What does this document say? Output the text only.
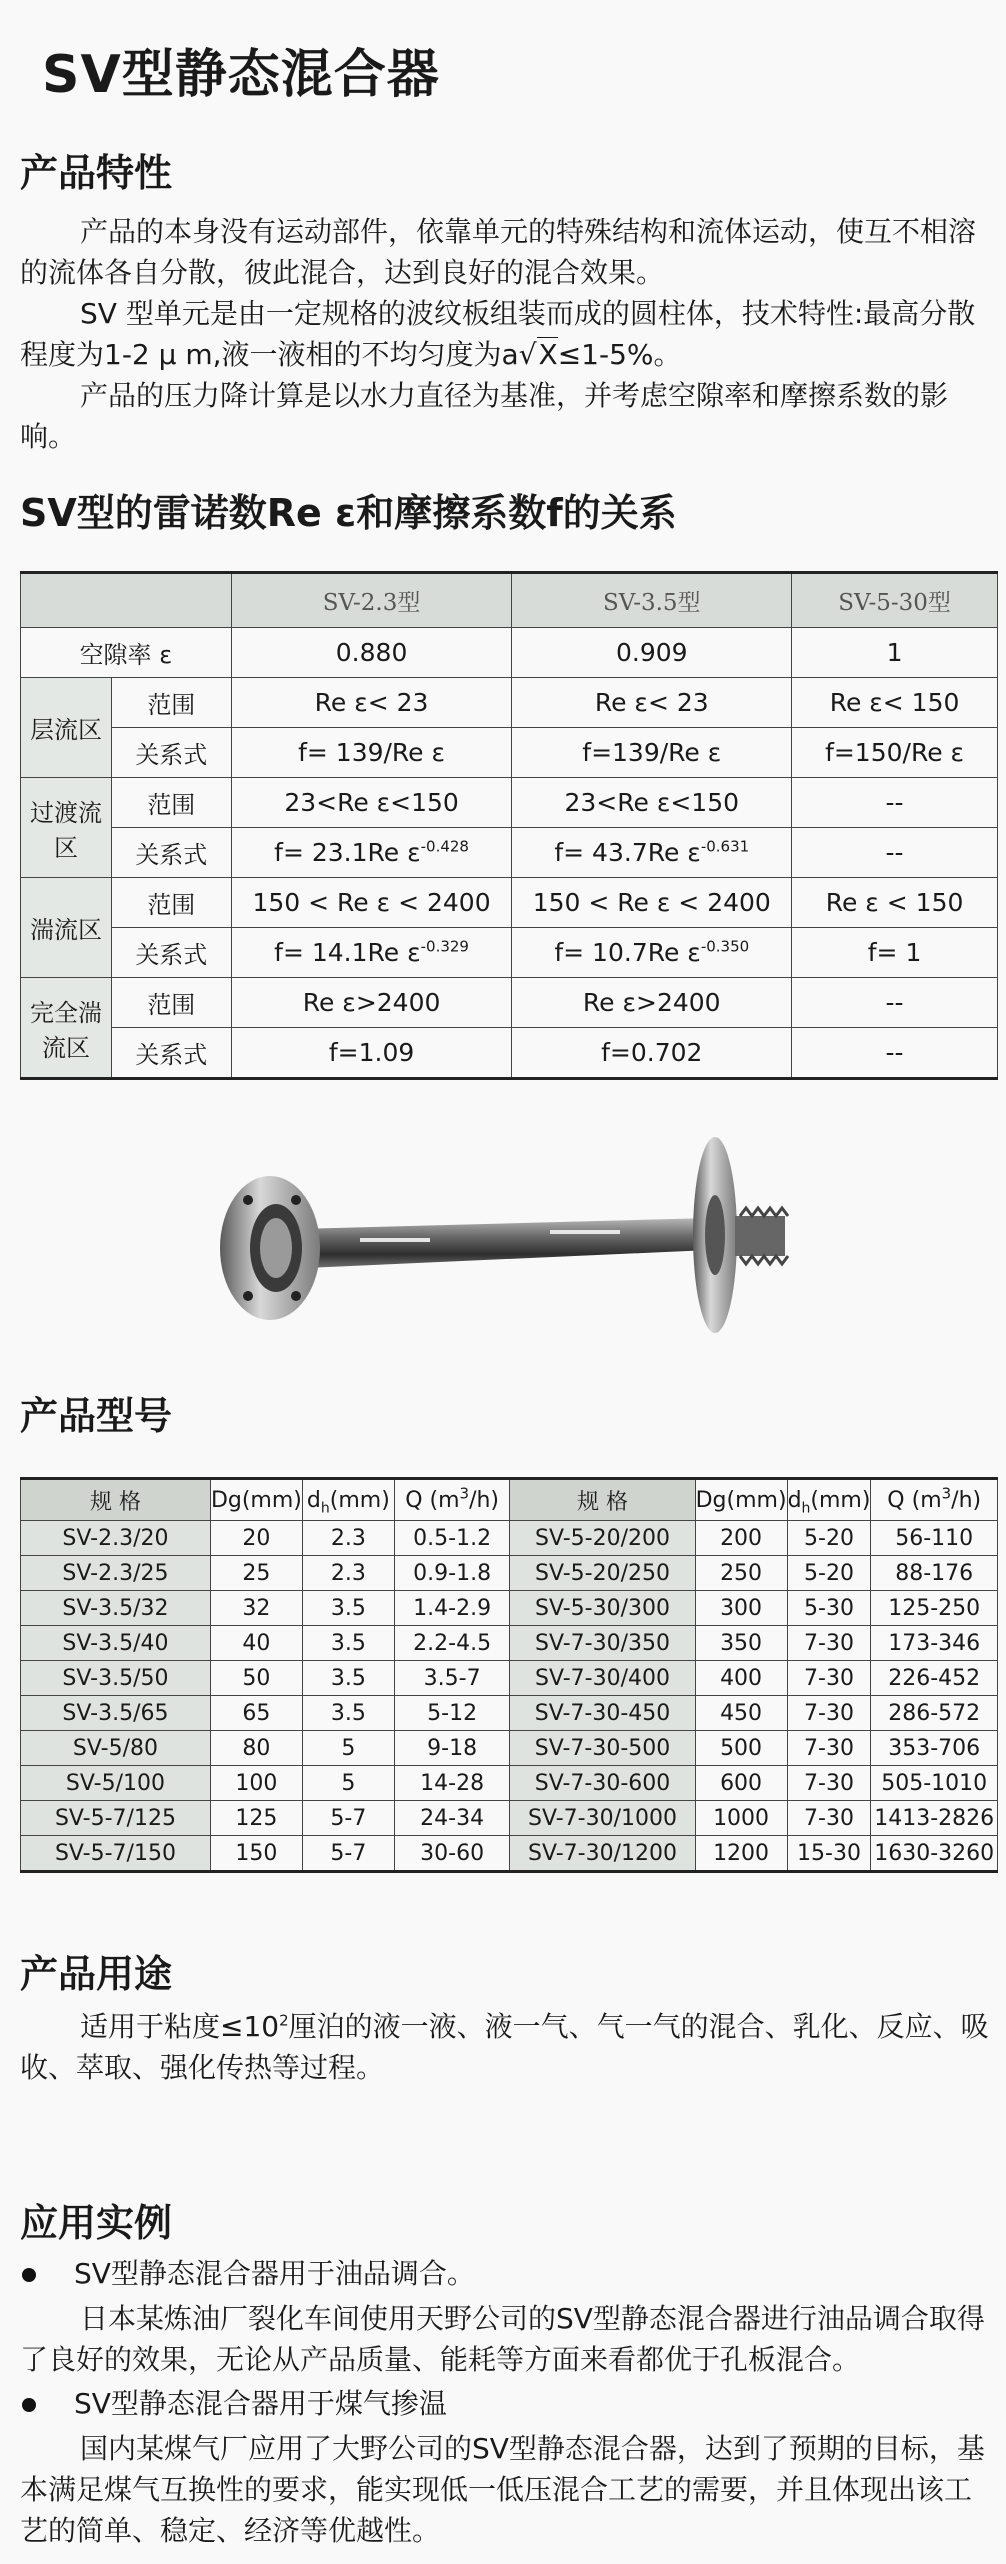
SV型静态混合器
产品特性

产品的本身没有运动部件，依靠单元的特殊结构和流体运动，使互不相溶的流体各自分散，彼此混合，达到良好的混合效果。

SV 型单元是由一定规格的波纹板组装而成的圆柱体，技术特性:最高分散程度为1-2 μ m,液一液相的不均匀度为a√X≤1-5%。

产品的压力降计算是以水力直径为基准，并考虑空隙率和摩擦系数的影响。

SV型的雷诺数Re ε和摩擦系数f的关系
		SV-2.3型	SV-3.5型	SV-5-30型
空隙率 ε		0.880	0.909	1
层流区	范围	Re ε< 23	Re ε< 23	Re ε< 150
	关系式	f= 139/Re ε	f=139/Re ε	f=150/Re ε
过渡流区	范围	23<Re ε<150	23<Re ε<150	--
	关系式	f= 23.1Re $\varepsilon^{-0.428}$	f= 43.7Re $\varepsilon^{-0.631}$	--
湍流区	范围	150 < Re ε < 2400	150 < Re ε < 2400	Re ε < 150
	关系式	f= 14.1Re $\varepsilon^{-0.329}$	f= 10.7Re $\varepsilon^{-0.350}$	f= 1
完全湍流区	范围	Re ε>2400	Re ε>2400	--
	关系式	f=1.09	f=0.702	--
产品型号
规 格	Dg(mm)	$d_h(mm)$	Q $(m^3/h)$	规 格	Dg(mm)	$d_h(mm)$	Q $(m^3/h)$
SV-2.3/20	20	2.3	0.5-1.2	SV-5-20/200	200	5-20	56-110
SV-2.3/25	25	2.3	0.9-1.8	SV-5-20/250	250	5-20	88-176
SV-3.5/32	32	3.5	1.4-2.9	SV-5-30/300	300	5-30	125-250
SV-3.5/40	40	3.5	2.2-4.5	SV-7-30/350	350	7-30	173-346
SV-3.5/50	50	3.5	3.5-7	SV-7-30/400	400	7-30	226-452
SV-3.5/65	65	3.5	5-12	SV-7-30-450	450	7-30	286-572
SV-5/80	80	5	9-18	SV-7-30-500	500	7-30	353-706
SV-5/100	100	5	14-28	SV-7-30-600	600	7-30	505-1010
SV-5-7/125	125	5-7	24-34	SV-7-30/1000	1000	7-30	1413-2826
SV-5-7/150	150	5-7	30-60	SV-7-30/1200	1200	15-30	1630-3260
产品用途

适用于粘度$\le 10^2$厘泊的液一液、液一气、气一气的混合、乳化、反应、吸收、萃取、强化传热等过程。

应用实例
SV型静态混合器用于油品调合。

日本某炼油厂裂化车间使用天野公司的SV型静态混合器进行油品调合取得了良好的效果，无论从产品质量、能耗等方面来看都优于孔板混合。

SV型静态混合器用于煤气掺温

国内某煤气厂应用了大野公司的SV型静态混合器，达到了预期的目标，基本满足煤气互换性的要求，能实现低一低压混合工艺的需要，并且体现出该工艺的简单、稳定、经济等优越性。
